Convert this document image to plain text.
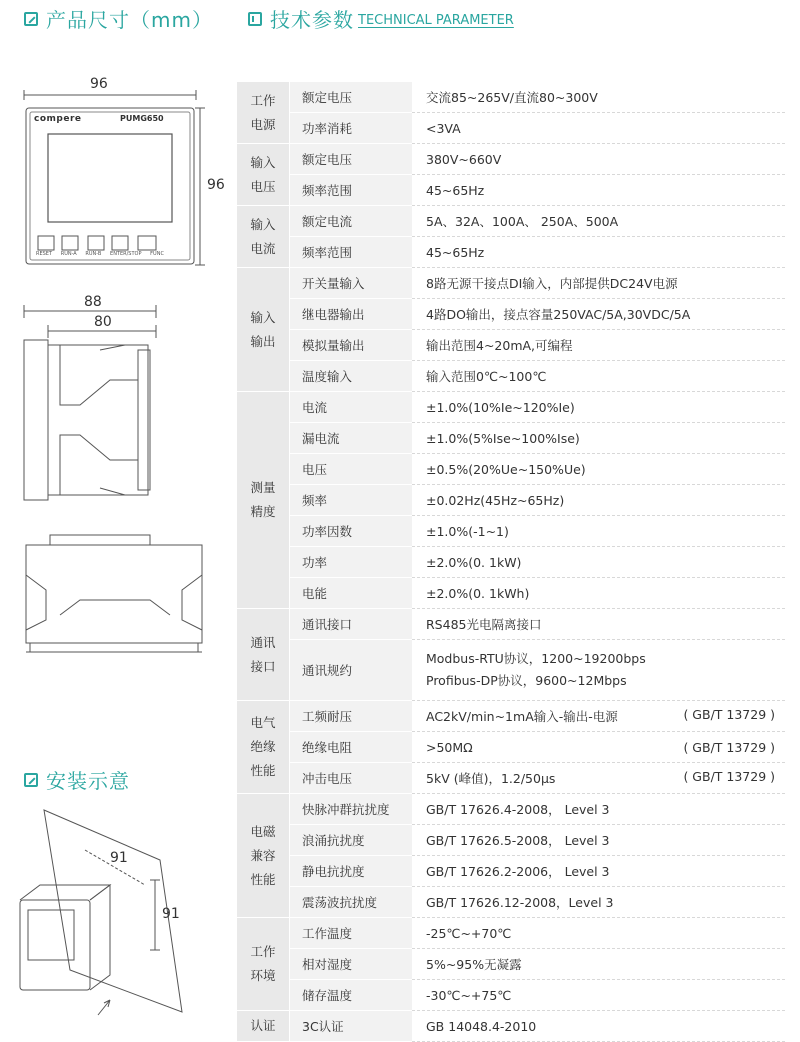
产品尺寸（mm）	技术参数 TECHNICAL PARAMETER
安装示意
96
96
88
80
91
91
compere	PUMG650
RESET RUN-A RUN-B ENTER/STOP FUNC
工作
电源	额定电压	交流85~265V/直流80~300V
	功率消耗	<3VA
输入
电压	额定电压	380V~660V
	频率范围	45~65Hz
输入
电流	额定电流	5A、32A、100A、 250A、500A
	频率范围	45~65Hz
输入
输出	开关量输入	8路无源干接点DI输入，内部提供DC24V电源
	继电器输出	4路DO输出，接点容量250VAC/5A,30VDC/5A
	模拟量输出	输出范围4~20mA,可编程
	温度输入	输入范围0℃~100℃
测量
精度	电流	±1.0%(10%Ie~120%Ie)
	漏电流	±1.0%(5%Ise~100%Ise)
	电压	±0.5%(20%Ue~150%Ue)
	频率	±0.02Hz(45Hz~65Hz)
	功率因数	±1.0%(-1~1)
	功率	±2.0%(0. 1kW)
	电能	±2.0%(0. 1kWh)
通讯
接口	通讯接口	RS485光电隔离接口
	通讯规约	Modbus-RTU协议，1200~19200bps
Profibus-DP协议，9600~12Mbps

电气
绝缘
性能	工频耐压	AC2kV/min~1mA输入-输出-电源 ( GB/T 13729 )

	绝缘电阻	>50MΩ ( GB/T 13729 )

	冲击电压	5kV (峰值)，1.2/50μs ( GB/T 13729 )

电磁
兼容
性能	快脉冲群抗扰度	GB/T 17626.4-2008， Level 3
	浪涌抗扰度	GB/T 17626.5-2008， Level 3
	静电抗扰度	GB/T 17626.2-2006， Level 3
	震荡波抗扰度	GB/T 17626.12-2008，Level 3
工作
环境	工作温度	-25℃~+70℃
	相对湿度	5%~95%无凝露
	储存温度	-30℃~+75℃
认证	3C认证	GB 14048.4-2010
